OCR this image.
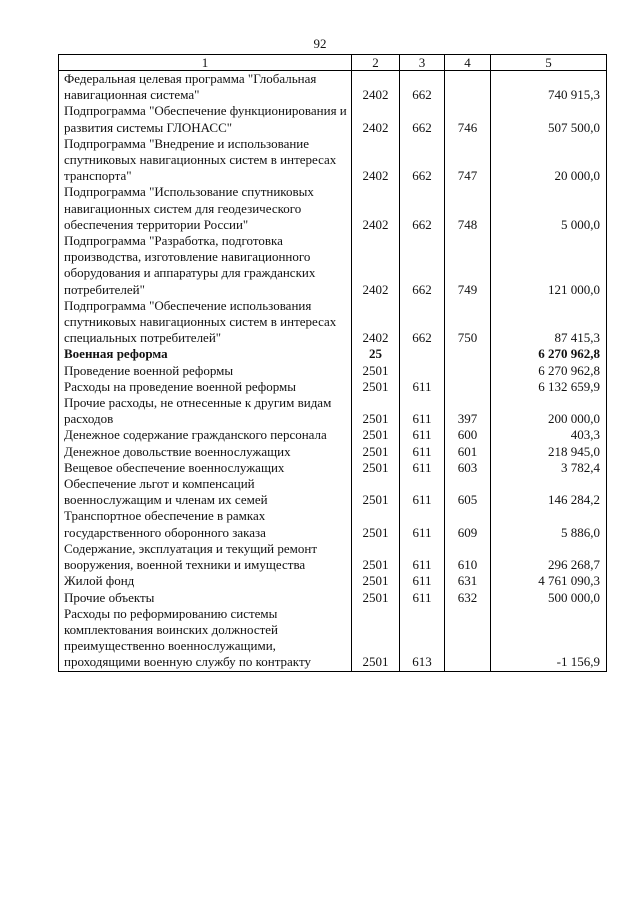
92
1	2	3	4	5
Федеральная целевая программа "Глобальная навигационная система"	2402	662		740 915,3
Подпрограмма "Обеспечение функционирования и развития системы ГЛОНАСС"	2402	662	746	507 500,0
Подпрограмма "Внедрение и использование спутниковых навигационных систем в интересах транспорта"	2402	662	747	20 000,0
Подпрограмма "Использование спутниковых навигационных систем для геодезического обеспечения территории России"	2402	662	748	5 000,0
Подпрограмма "Разработка, подготовка производства, изготовление навигационного оборудования и аппаратуры для гражданских потребителей"	2402	662	749	121 000,0
Подпрограмма "Обеспечение использования спутниковых навигационных систем в интересах специальных потребителей"	2402	662	750	87 415,3
Военная реформа	25			6 270 962,8
Проведение военной реформы	2501			6 270 962,8
Расходы на проведение военной реформы	2501	611		6 132 659,9
Прочие расходы, не отнесенные к другим видам расходов	2501	611	397	200 000,0
Денежное содержание гражданского персонала	2501	611	600	403,3
Денежное довольствие военнослужащих	2501	611	601	218 945,0
Вещевое обеспечение военнослужащих	2501	611	603	3 782,4
Обеспечение льгот и компенсаций военнослужащим и членам их семей	2501	611	605	146 284,2
Транспортное обеспечение в рамках государственного оборонного заказа	2501	611	609	5 886,0
Содержание, эксплуатация и текущий ремонт вооружения, военной техники и имущества	2501	611	610	296 268,7
Жилой фонд	2501	611	631	4 761 090,3
Прочие объекты	2501	611	632	500 000,0
Расходы по реформированию системы комплектования воинских должностей преимущественно военнослужащими, проходящими военную службу по контракту	2501	613		-1 156,9
